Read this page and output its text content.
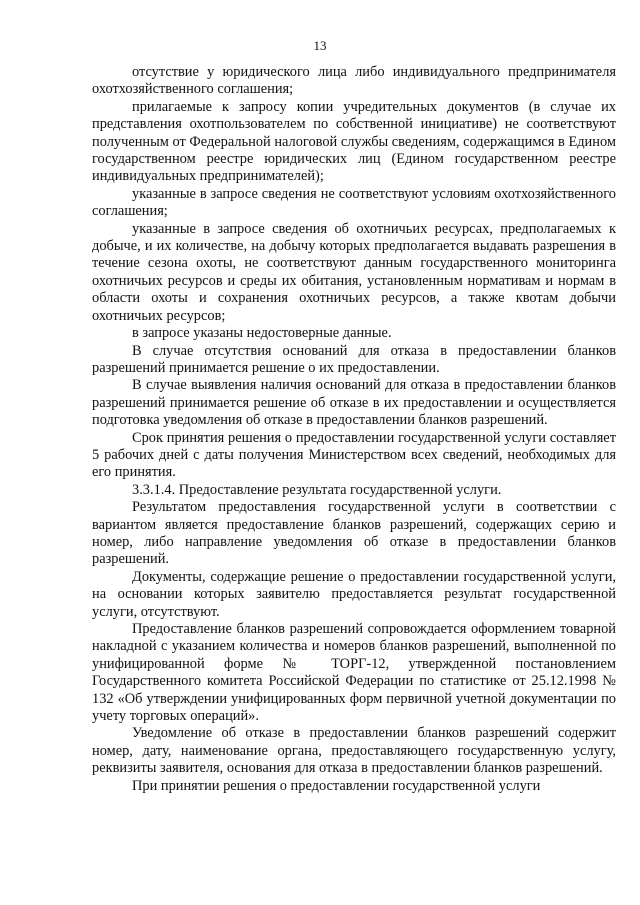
13

отсутствие у юридического лица либо индивидуального предпринимателя охотхозяйственного соглашения;

прилагаемые к запросу копии учредительных документов (в случае их представления охотпользователем по собственной инициативе) не соответствуют полученным от Федеральной налоговой службы сведениям, содержащимся в Едином государственном реестре юридических лиц (Едином государственном реестре индивидуальных предпринимателей);

указанные в запросе сведения не соответствуют условиям охотхозяйственного соглашения;

указанные в запросе сведения об охотничьих ресурсах, предполагаемых к добыче, и их количестве, на добычу которых предполагается выдавать разрешения в течение сезона охоты, не соответствуют данным государственного мониторинга охотничьих ресурсов и среды их обитания, установленным нормативам и нормам в области охоты и сохранения охотничьих ресурсов, а также квотам добычи охотничьих ресурсов;

в запросе указаны недостоверные данные.

В случае отсутствия оснований для отказа в предоставлении бланков разрешений принимается решение о их предоставлении.

В случае выявления наличия оснований для отказа в предоставлении бланков разрешений принимается решение об отказе в их предоставлении и осуществляется подготовка уведомления об отказе в предоставлении бланков разрешений.

Срок принятия решения о предоставлении государственной услуги составляет 5 рабочих дней с даты получения Министерством всех сведений, необходимых для его принятия.

3.3.1.4. Предоставление результата государственной услуги.

Результатом предоставления государственной услуги в соответствии с вариантом является предоставление бланков разрешений, содержащих серию и номер, либо направление уведомления об отказе в предоставлении бланков разрешений.

Документы, содержащие решение о предоставлении государственной услуги, на основании которых заявителю предоставляется результат государственной услуги, отсутствуют.

Предоставление бланков разрешений сопровождается оформлением товарной накладной с указанием количества и номеров бланков разрешений, выполненной по унифицированной форме № ТОРГ-12, утвержденной постановлением Государственного комитета Российской Федерации по статистике от 25.12.1998 № 132 «Об утверждении унифицированных форм первичной учетной документации по учету торговых операций».

Уведомление об отказе в предоставлении бланков разрешений содержит номер, дату, наименование органа, предоставляющего государственную услугу, реквизиты заявителя, основания для отказа в предоставлении бланков разрешений.

При принятии решения о предоставлении государственной услуги
